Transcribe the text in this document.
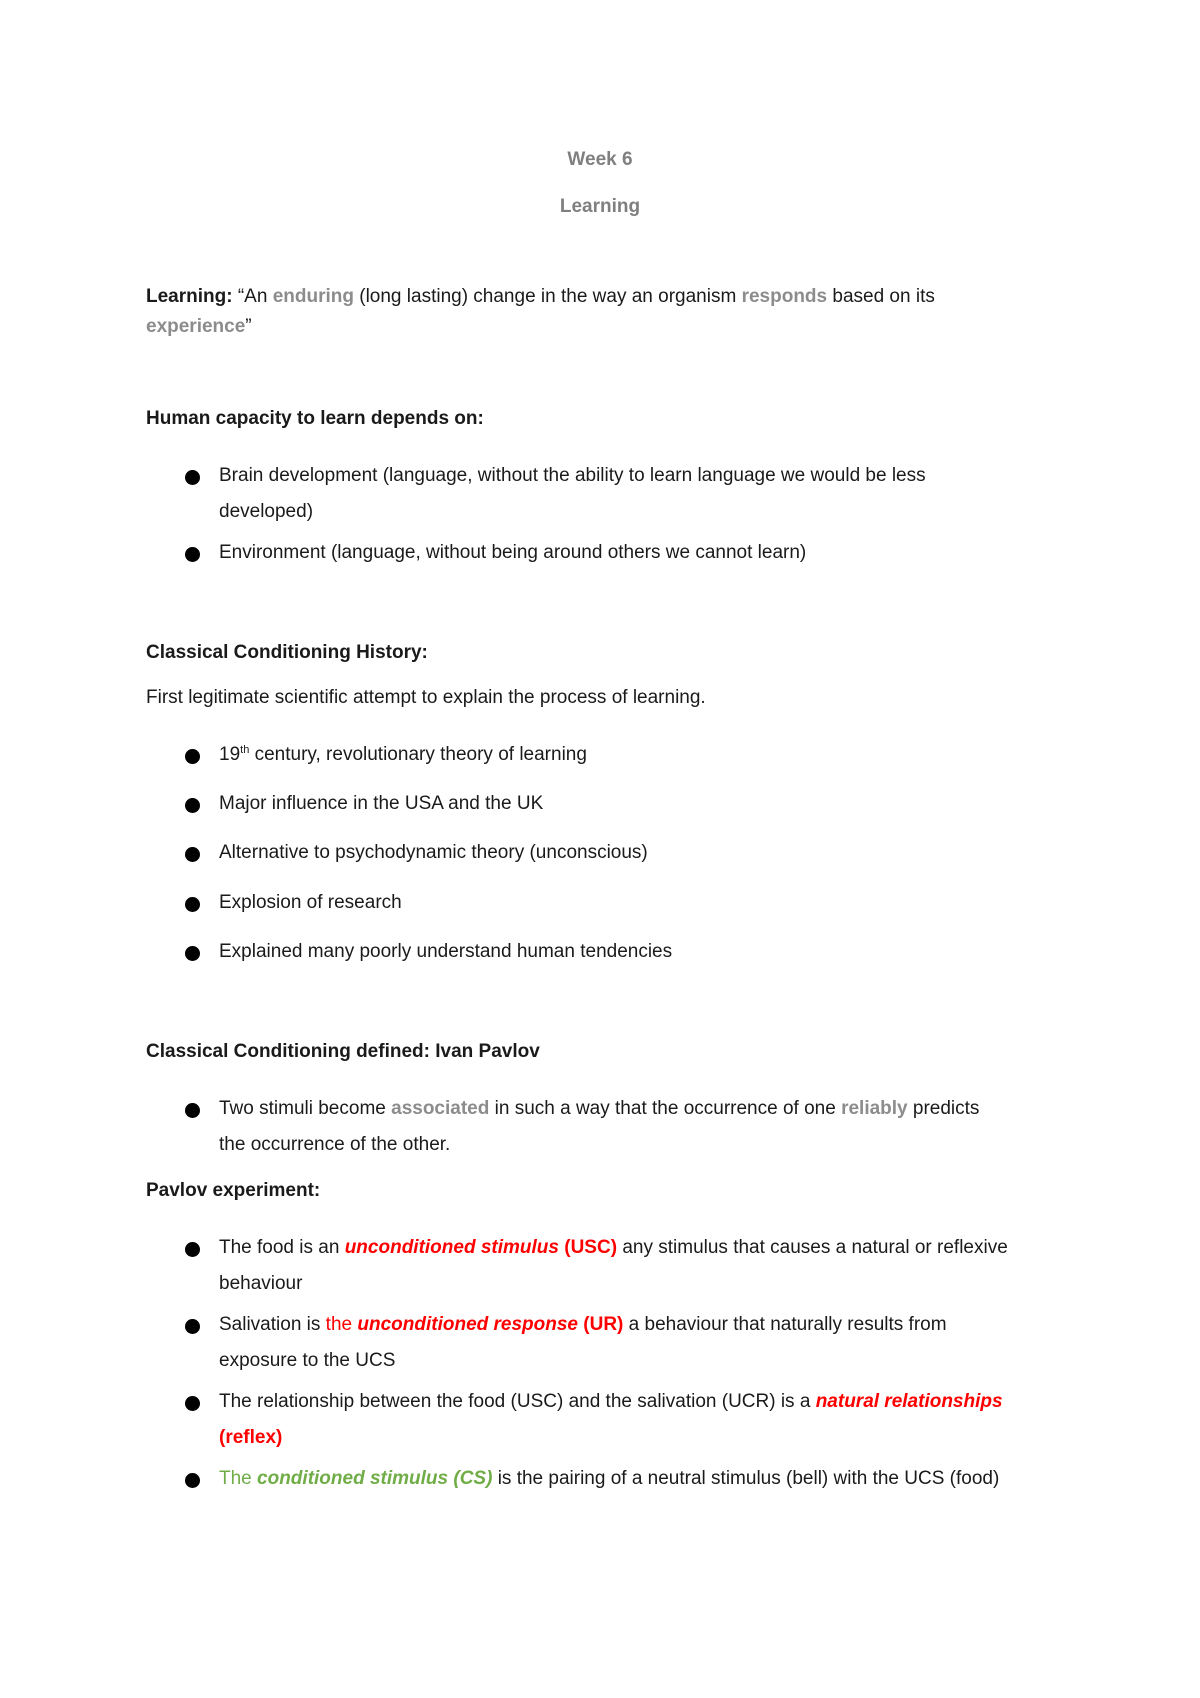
Week 6
Learning
Learning: “An enduring (long lasting) change in the way an organism responds based on its
experience”
Human capacity to learn depends on:
Brain development (language, without the ability to learn language we would be less
developed)
Environment (language, without being around others we cannot learn)
Classical Conditioning History:
First legitimate scientific attempt to explain the process of learning.
19th century, revolutionary theory of learning
Major influence in the USA and the UK
Alternative to psychodynamic theory (unconscious)
Explosion of research
Explained many poorly understand human tendencies
Classical Conditioning defined: Ivan Pavlov
Two stimuli become associated in such a way that the occurrence of one reliably predicts
the occurrence of the other.
Pavlov experiment:
The food is an unconditioned stimulus (USC) any stimulus that causes a natural or reflexive
behaviour
Salivation is the unconditioned response (UR) a behaviour that naturally results from
exposure to the UCS
The relationship between the food (USC) and the salivation (UCR) is a natural relationships
(reflex)
The conditioned stimulus (CS) is the pairing of a neutral stimulus (bell) with the UCS (food)
